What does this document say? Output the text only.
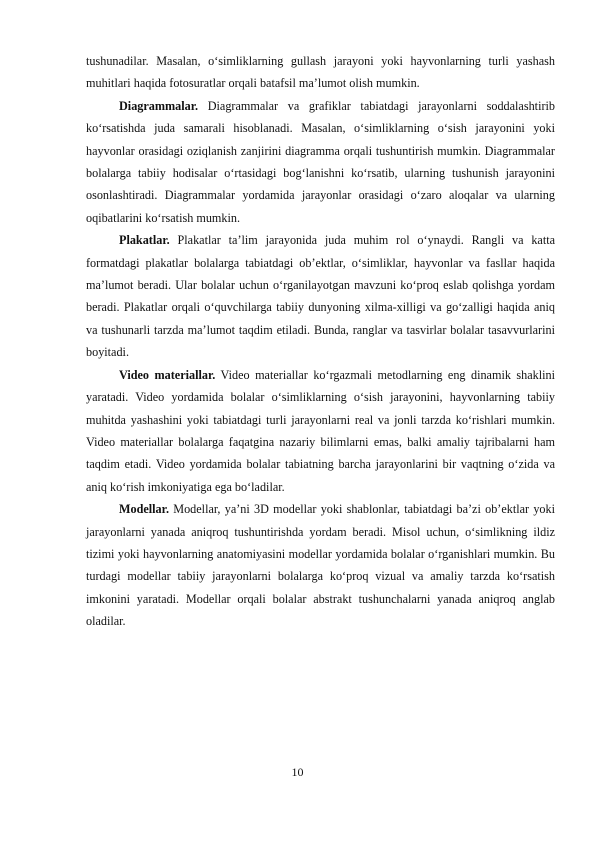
tushunadilar. Masalan, o‘simliklarning gullash jarayoni yoki hayvonlarning turli yashash muhitlari haqida fotosuratlar orqali batafsil ma’lumot olish mumkin.

Diagrammalar. Diagrammalar va grafiklar tabiatdagi jarayonlarni soddalashtirib ko‘rsatishda juda samarali hisoblanadi. Masalan, o‘simliklarning o‘sish jarayonini yoki hayvonlar orasidagi oziqlanish zanjirini diagramma orqali tushuntirish mumkin. Diagrammalar bolalarga tabiiy hodisalar o‘rtasidagi bog‘lanishni ko‘rsatib, ularning tushunish jarayonini osonlashtiradi. Diagrammalar yordamida jarayonlar orasidagi o‘zaro aloqalar va ularning oqibatlarini ko‘rsatish mumkin.

Plakatlar. Plakatlar ta’lim jarayonida juda muhim rol o‘ynaydi. Rangli va katta formatdagi plakatlar bolalarga tabiatdagi ob’ektlar, o‘simliklar, hayvonlar va fasllar haqida ma’lumot beradi. Ular bolalar uchun o‘rganilayotgan mavzuni ko‘proq eslab qolishga yordam beradi. Plakatlar orqali o‘quvchilarga tabiiy dunyoning xilma-xilligi va go‘zalligi haqida aniq va tushunarli tarzda ma’lumot taqdim etiladi. Bunda, ranglar va tasvirlar bolalar tasavvurlarini boyitadi.

Video materiallar. Video materiallar ko‘rgazmali metodlarning eng dinamik shaklini yaratadi. Video yordamida bolalar o‘simliklarning o‘sish jarayonini, hayvonlarning tabiiy muhitda yashashini yoki tabiatdagi turli jarayonlarni real va jonli tarzda ko‘rishlari mumkin. Video materiallar bolalarga faqatgina nazariy bilimlarni emas, balki amaliy tajribalarni ham taqdim etadi. Video yordamida bolalar tabiatning barcha jarayonlarini bir vaqtning o‘zida va aniq ko‘rish imkoniyatiga ega bo‘ladilar.

Modellar. Modellar, ya’ni 3D modellar yoki shablonlar, tabiatdagi ba’zi ob’ektlar yoki jarayonlarni yanada aniqroq tushuntirishda yordam beradi. Misol uchun, o‘simlikning ildiz tizimi yoki hayvonlarning anatomiyasini modellar yordamida bolalar o‘rganishlari mumkin. Bu turdagi modellar tabiiy jarayonlarni bolalarga ko‘proq vizual va amaliy tarzda ko‘rsatish imkonini yaratadi. Modellar orqali bolalar abstrakt tushunchalarni yanada aniqroq anglab oladilar.

10
